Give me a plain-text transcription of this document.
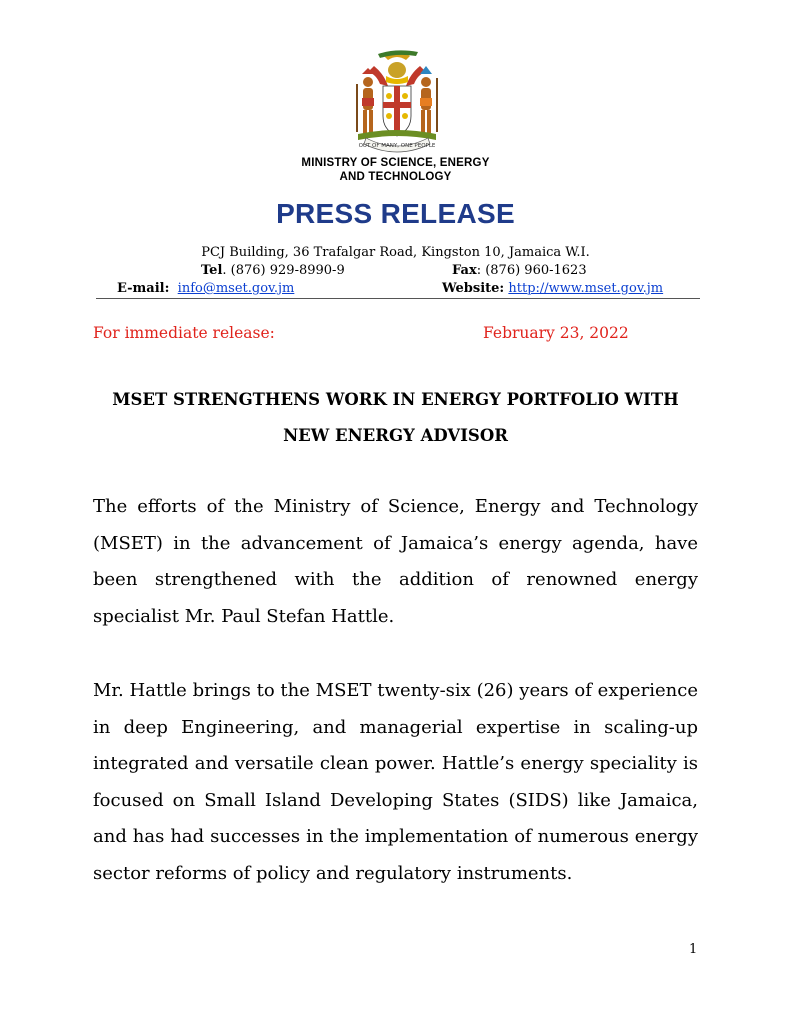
OUT OF MANY, ONE PEOPLE
MINISTRY OF SCIENCE, ENERGY
AND TECHNOLOGY
PRESS RELEASE
PCJ Building, 36 Trafalgar Road, Kingston 10, Jamaica W.I.
Tel. (876) 929-8990-9	Fax: (876) 960-1623
E-mail: info@mset.gov.jm	Website: http://www.mset.gov.jm
For immediate release:	February 23, 2022
MSET STRENGTHENS WORK IN ENERGY PORTFOLIO WITH NEW ENERGY ADVISOR

The efforts of the Ministry of Science, Energy and Technology (MSET) in the advancement of Jamaica’s energy agenda, have been strengthened with the addition of renowned energy specialist Mr. Paul Stefan Hattle.

Mr. Hattle brings to the MSET twenty-six (26) years of experience in deep Engineering, and managerial expertise in scaling-up integrated and versatile clean power. Hattle’s energy speciality is focused on Small Island Developing States (SIDS) like Jamaica, and has had successes in the implementation of numerous energy sector reforms of policy and regulatory instruments.

1
